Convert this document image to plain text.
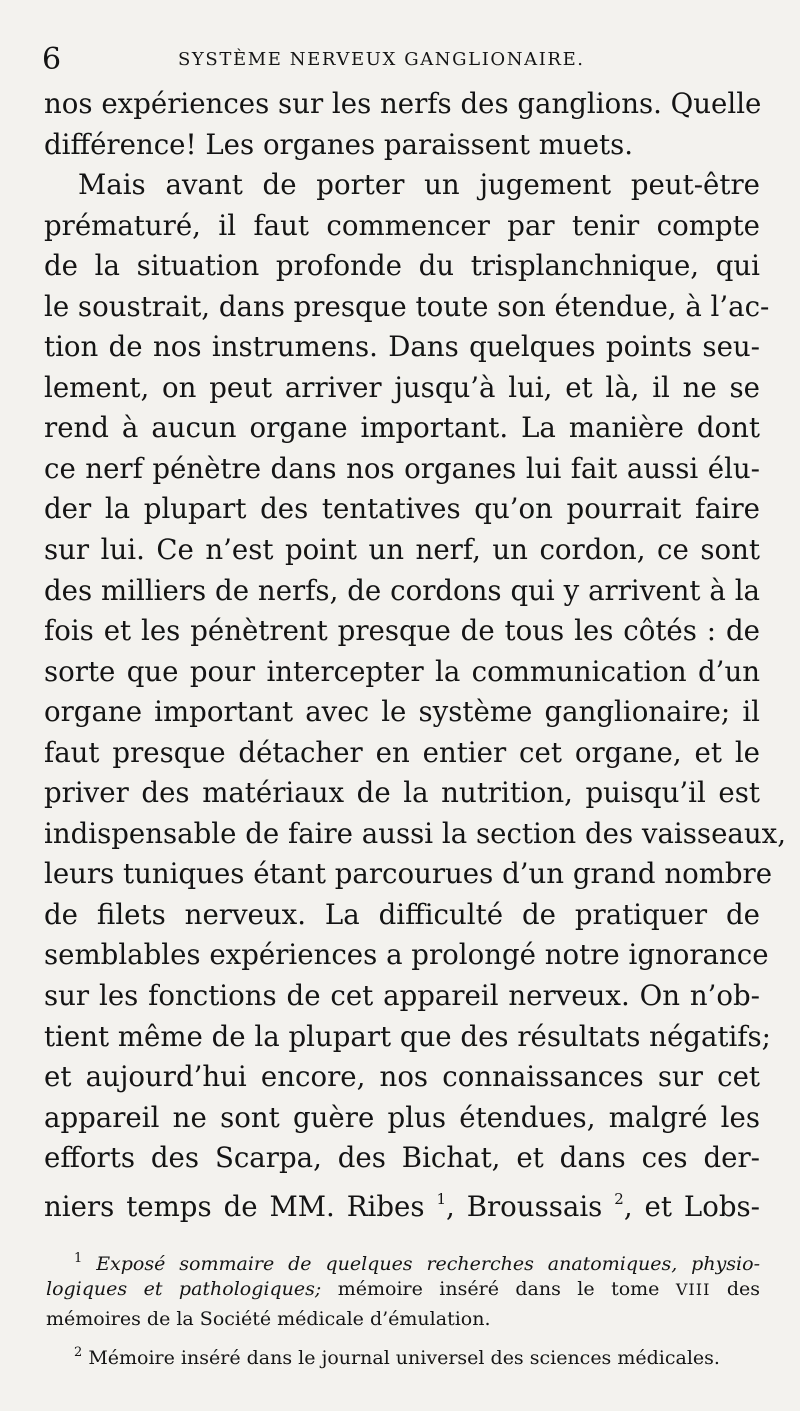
6	SYSTÈME NERVEUX GANGLIONAIRE.
nos expériences sur les nerfs des ganglions. Quelle
différence! Les organes paraissent muets.
Mais avant de porter un jugement peut-être
prématuré, il faut commencer par tenir compte
de la situation profonde du trisplanchnique, qui
le soustrait, dans presque toute son étendue, à l’ac-
tion de nos instrumens. Dans quelques points seu-
lement, on peut arriver jusqu’à lui, et là, il ne se
rend à aucun organe important. La manière dont
ce nerf pénètre dans nos organes lui fait aussi élu-
der la plupart des tentatives qu’on pourrait faire
sur lui. Ce n’est point un nerf, un cordon, ce sont
des milliers de nerfs, de cordons qui y arrivent à la
fois et les pénètrent presque de tous les côtés : de
sorte que pour intercepter la communication d’un
organe important avec le système ganglionaire; il
faut presque détacher en entier cet organe, et le
priver des matériaux de la nutrition, puisqu’il est
indispensable de faire aussi la section des vaisseaux,
leurs tuniques étant parcourues d’un grand nombre
de filets nerveux. La difficulté de pratiquer de
semblables expériences a prolongé notre ignorance
sur les fonctions de cet appareil nerveux. On n’ob-
tient même de la plupart que des résultats négatifs;
et aujourd’hui encore, nos connaissances sur cet
appareil ne sont guère plus étendues, malgré les
efforts des Scarpa, des Bichat, et dans ces der-
niers temps de MM. Ribes $^1$, Broussais $^2$, et Lobs-
$^1$ Exposé sommaire de quelques recherches anatomiques, physio-
logiques et pathologiques; mémoire inséré dans le tome VIII des
mémoires de la Société médicale d’émulation.
$^2$ Mémoire inséré dans le journal universel des sciences médicales.
